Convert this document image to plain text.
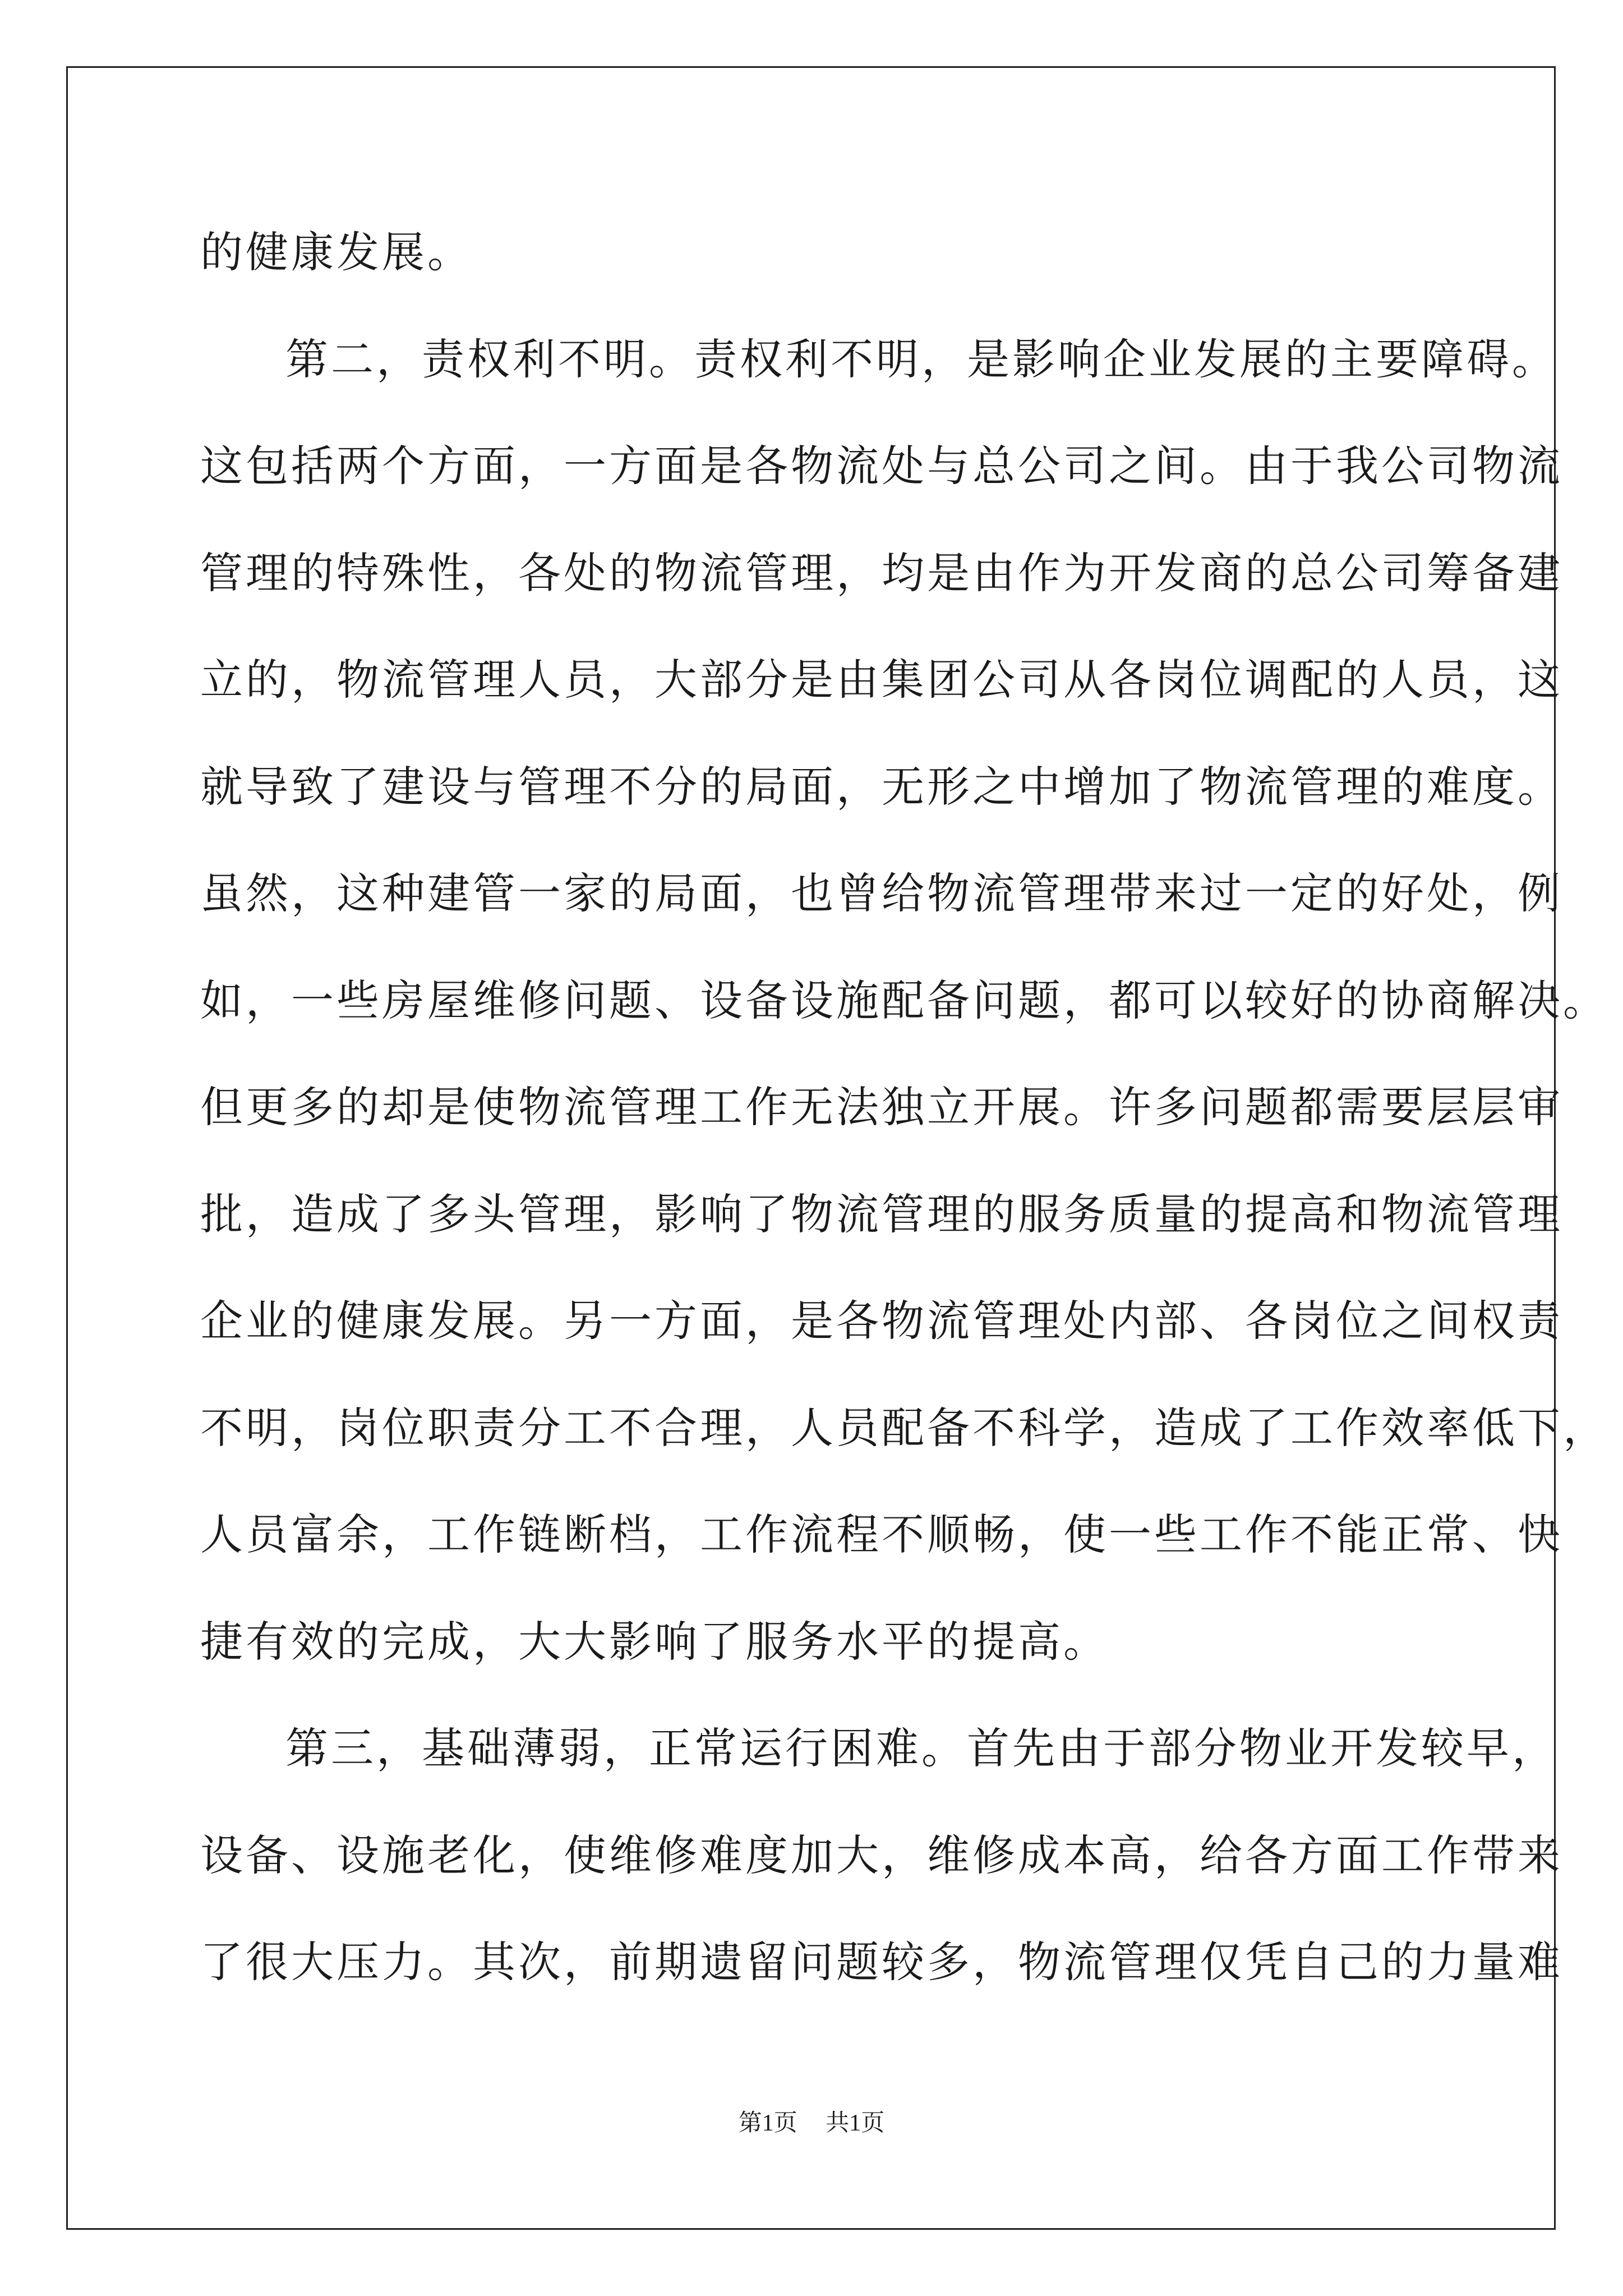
的健康发展。
第二，责权利不明。责权利不明，是影响企业发展的主要障碍。
这包括两个方面，一方面是各物流处与总公司之间。由于我公司物流
管理的特殊性，各处的物流管理，均是由作为开发商的总公司筹备建
立的，物流管理人员，大部分是由集团公司从各岗位调配的人员，这
就导致了建设与管理不分的局面，无形之中增加了物流管理的难度。
虽然，这种建管一家的局面，也曾给物流管理带来过一定的好处，例
如，一些房屋维修问题、设备设施配备问题，都可以较好的协商解决。
但更多的却是使物流管理工作无法独立开展。许多问题都需要层层审
批，造成了多头管理，影响了物流管理的服务质量的提高和物流管理
企业的健康发展。另一方面，是各物流管理处内部、各岗位之间权责
不明，岗位职责分工不合理，人员配备不科学，造成了工作效率低下，
人员富余，工作链断档，工作流程不顺畅，使一些工作不能正常、快
捷有效的完成，大大影响了服务水平的提高。
第三，基础薄弱，正常运行困难。首先由于部分物业开发较早，
设备、设施老化，使维修难度加大，维修成本高，给各方面工作带来
了很大压力。其次，前期遗留问题较多，物流管理仅凭自己的力量难
第1页 共1页
